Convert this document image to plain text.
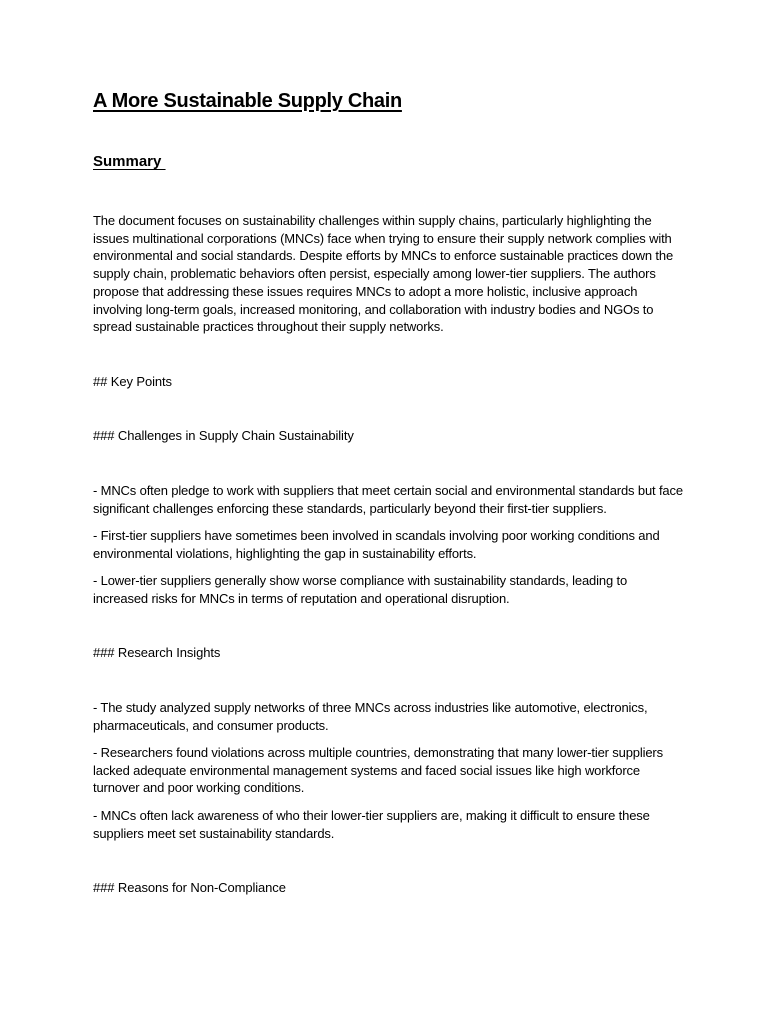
A More Sustainable Supply Chain
Summary

The document focuses on sustainability challenges within supply chains, particularly highlighting the issues multinational corporations (MNCs) face when trying to ensure their supply network complies with environmental and social standards. Despite efforts by MNCs to enforce sustainable practices down the supply chain, problematic behaviors often persist, especially among lower-tier suppliers. The authors propose that addressing these issues requires MNCs to adopt a more holistic, inclusive approach involving long-term goals, increased monitoring, and collaboration with industry bodies and NGOs to spread sustainable practices throughout their supply networks.

## Key Points

### Challenges in Supply Chain Sustainability

- MNCs often pledge to work with suppliers that meet certain social and environmental standards but face significant challenges enforcing these standards, particularly beyond their first-tier suppliers.

- First-tier suppliers have sometimes been involved in scandals involving poor working conditions and environmental violations, highlighting the gap in sustainability efforts.

- Lower-tier suppliers generally show worse compliance with sustainability standards, leading to increased risks for MNCs in terms of reputation and operational disruption.

### Research Insights

- The study analyzed supply networks of three MNCs across industries like automotive, electronics, pharmaceuticals, and consumer products.

- Researchers found violations across multiple countries, demonstrating that many lower-tier suppliers lacked adequate environmental management systems and faced social issues like high workforce turnover and poor working conditions.

- MNCs often lack awareness of who their lower-tier suppliers are, making it difficult to ensure these suppliers meet set sustainability standards.

### Reasons for Non-Compliance
